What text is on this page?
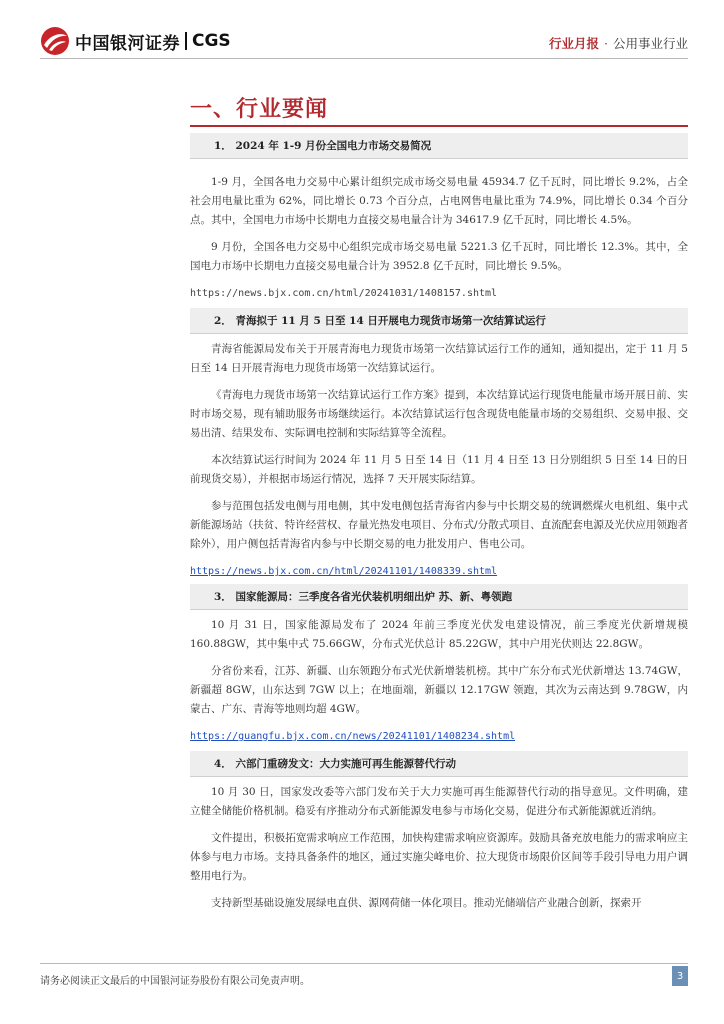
中国银河证券 CGS	行业月报 · 公用事业行业
一、行业要闻
1． 2024 年 1-9 月份全国电力市场交易简况

1-9 月，全国各电力交易中心累计组织完成市场交易电量 45934.7 亿千瓦时，同比增长 9.2%，占全社会用电量比重为 62%，同比增长 0.73 个百分点，占电网售电量比重为 74.9%，同比增长 0.34 个百分点。其中，全国电力市场中长期电力直接交易电量合计为 34617.9 亿千瓦时，同比增长 4.5%。

9 月份，全国各电力交易中心组织完成市场交易电量 5221.3 亿千瓦时，同比增长 12.3%。其中，全国电力市场中长期电力直接交易电量合计为 3952.8 亿千瓦时，同比增长 9.5%。

https://news.bjx.com.cn/html/20241031/1408157.shtml
2． 青海拟于 11 月 5 日至 14 日开展电力现货市场第一次结算试运行

青海省能源局发布关于开展青海电力现货市场第一次结算试运行工作的通知，通知提出，定于 11 月 5 日至 14 日开展青海电力现货市场第一次结算试运行。

《青海电力现货市场第一次结算试运行工作方案》提到，本次结算试运行现货电能量市场开展日前、实时市场交易，现有辅助服务市场继续运行。本次结算试运行包含现货电能量市场的交易组织、交易申报、交易出清、结果发布、实际调电控制和实际结算等全流程。

本次结算试运行时间为 2024 年 11 月 5 日至 14 日（11 月 4 日至 13 日分别组织 5 日至 14 日的日前现货交易），并根据市场运行情况，选择 7 天开展实际结算。

参与范围包括发电侧与用电侧，其中发电侧包括青海省内参与中长期交易的统调燃煤火电机组、集中式新能源场站（扶贫、特许经营权、存量光热发电项目、分布式/分散式项目、直流配套电源及光伏应用领跑者除外），用户侧包括青海省内参与中长期交易的电力批发用户、售电公司。

https://news.bjx.com.cn/html/20241101/1408339.shtml
3． 国家能源局：三季度各省光伏装机明细出炉 苏、新、粤领跑

10 月 31 日，国家能源局发布了 2024 年前三季度光伏发电建设情况，前三季度光伏新增规模 160.88GW，其中集中式 75.66GW，分布式光伏总计 85.22GW，其中户用光伏则达 22.8GW。

分省份来看，江苏、新疆、山东领跑分布式光伏新增装机榜。其中广东分布式光伏新增达 13.74GW，新疆超 8GW，山东达到 7GW 以上；在地面端，新疆以 12.17GW 领跑，其次为云南达到 9.78GW，内蒙古、广东、青海等地则均超 4GW。

https://guangfu.bjx.com.cn/news/20241101/1408234.shtml
4． 六部门重磅发文：大力实施可再生能源替代行动

10 月 30 日，国家发改委等六部门发布关于大力实施可再生能源替代行动的指导意见。文件明确，建立健全储能价格机制。稳妥有序推动分布式新能源发电参与市场化交易，促进分布式新能源就近消纳。

文件提出，积极拓宽需求响应工作范围，加快构建需求响应资源库。鼓励具备充放电能力的需求响应主体参与电力市场。支持具备条件的地区，通过实施尖峰电价、拉大现货市场限价区间等手段引导电力用户调整用电行为。

支持新型基础设施发展绿电直供、源网荷储一体化项目。推动光储端信产业融合创新，探索开

请务必阅读正文最后的中国银河证券股份有限公司免责声明。	3
